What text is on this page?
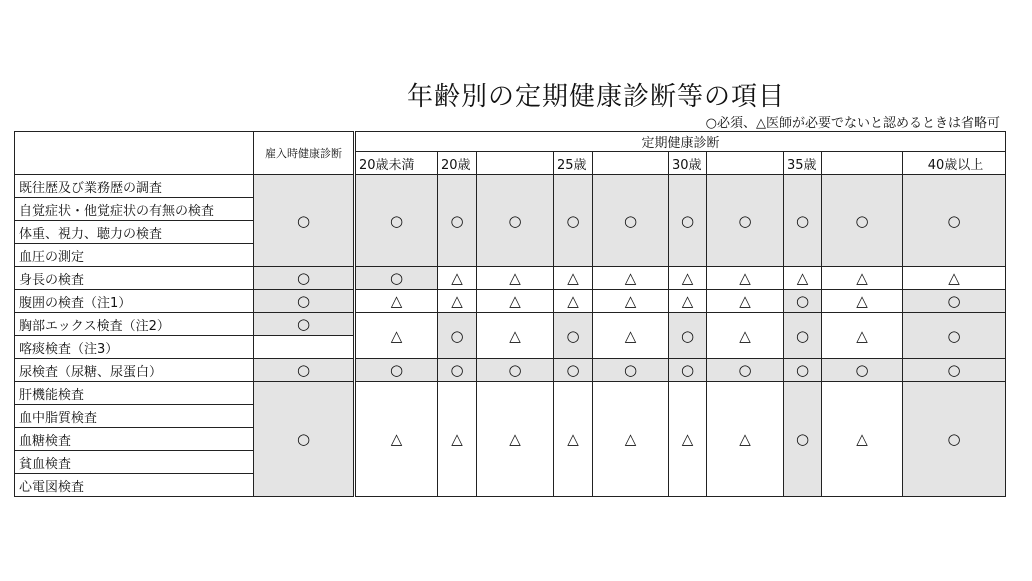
年齢別の定期健康診断等の項目
○必須、△医師が必要でないと認めるときは省略可
	雇入時健康診断	定期健康診断									
		20歳未満	20歳		25歳		30歳		35歳		40歳以上
既往歴及び業務歴の調査	○	○	○	○	○	○	○	○	○	○	○
自覚症状・他覚症状の有無の検査											
体重、視力、聴力の検査											
血圧の測定											
身長の検査	○	○	△	△	△	△	△	△	△	△	△
腹囲の検査（注1）	○	△	△	△	△	△	△	△	○	△	○
胸部エックス検査（注2）	○	△	○	△	○	△	○	△	○	△	○
喀痰検査（注3）											
尿検査（尿糖、尿蛋白）	○	○	○	○	○	○	○	○	○	○	○
肝機能検査	○	△	△	△	△	△	△	△	○	△	○
血中脂質検査											
血糖検査											
貧血検査											
心電図検査											
